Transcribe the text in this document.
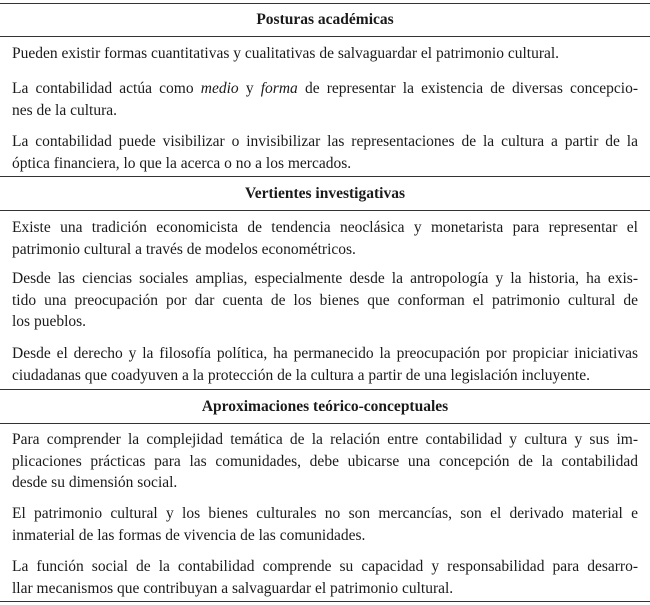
Posturas académicas
Pueden existir formas cuantitativas y cualitativas de salvaguardar el patrimonio cultural.
La contabilidad actúa como medio y forma de representar la existencia de diversas concepcio-
nes de la cultura.
La contabilidad puede visibilizar o invisibilizar las representaciones de la cultura a partir de la
óptica financiera, lo que la acerca o no a los mercados.
Vertientes investigativas
Existe una tradición economicista de tendencia neoclásica y monetarista para representar el
patrimonio cultural a través de modelos econométricos.
Desde las ciencias sociales amplias, especialmente desde la antropología y la historia, ha exis-
tido una preocupación por dar cuenta de los bienes que conforman el patrimonio cultural de
los pueblos.
Desde el derecho y la filosofía política, ha permanecido la preocupación por propiciar iniciativas
ciudadanas que coadyuven a la protección de la cultura a partir de una legislación incluyente.
Aproximaciones teórico-conceptuales
Para comprender la complejidad temática de la relación entre contabilidad y cultura y sus im-
plicaciones prácticas para las comunidades, debe ubicarse una concepción de la contabilidad
desde su dimensión social.
El patrimonio cultural y los bienes culturales no son mercancías, son el derivado material e
inmaterial de las formas de vivencia de las comunidades.
La función social de la contabilidad comprende su capacidad y responsabilidad para desarro-
llar mecanismos que contribuyan a salvaguardar el patrimonio cultural.
